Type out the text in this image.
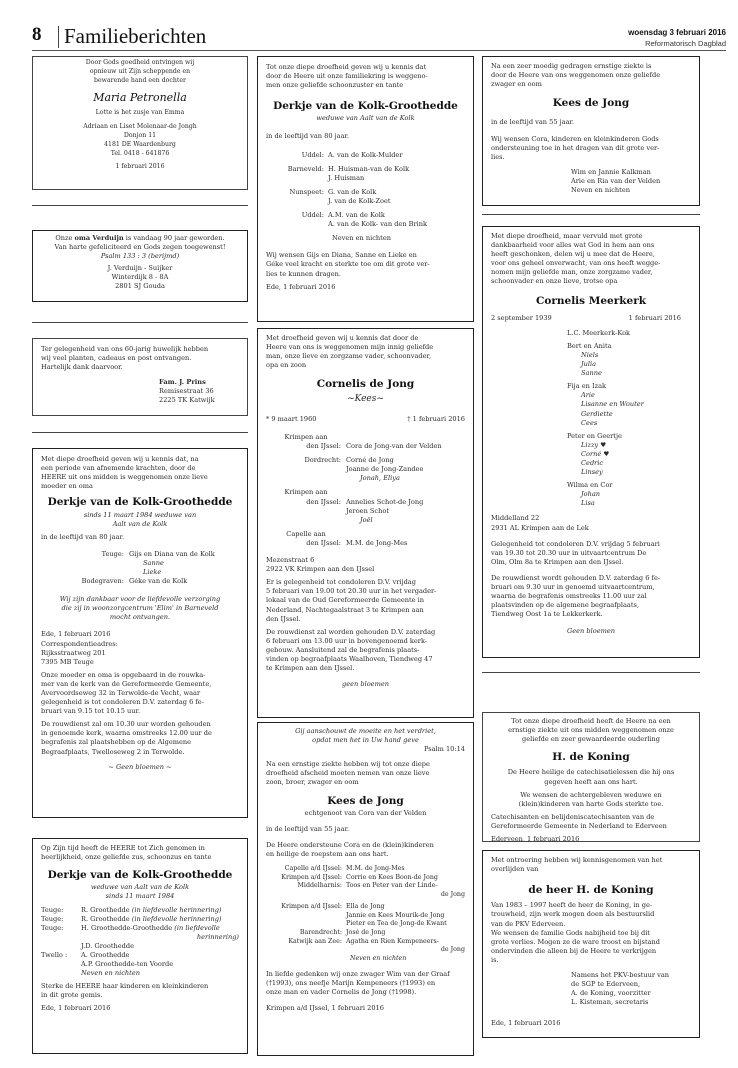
8 Familieberichten	woensdag 3 februari 2016
Reformatorisch Dagblad
Door Gods goedheid ontvingen wij
opnieuw uit Zijn scheppende en
bewarende hand een dochter
Maria Petronella
Lotte is het zusje van Emma
Adriaan en Liset Molenaar-de Jongh
Donjon 11
4181 DE Waardenburg
Tel. 0418 - 641876
1 februari 2016
Onze oma Verduijn is vandaag 90 jaar geworden.
Van harte gefeliciteerd en Gods zegen toegewenst!
Psalm 133 : 3 (berijmd)
J. Verduijn - Suijker
Winterdijk 8 - 8A
2801 SJ Gouda
Ter gelegenheid van ons 60-jarig huwelijk hebben
wij veel planten, cadeaus en post ontvangen.
Hartelijk dank daarvoor.
Fam. J. Prins
Remisestraat 36
2225 TK Katwijk
Met diepe droefheid geven wij u kennis dat, na
een periode van afnemende krachten, door de
HEERE uit ons midden is weggenomen onze lieve
moeder en oma
Derkje van de Kolk-Groothedde
sinds 11 maart 1984 weduwe van
Aalt van de Kolk
in de leeftijd van 80 jaar.
Teuge: Gijs en Diana van de Kolk
Sanne
Lieke
Bodegraven: Géke van de Kolk
Wij zijn dankbaar voor de liefdevolle verzorging
die zij in woonzorgcentrum 'Elim' in Barneveld
mocht ontvangen.
Ede, 1 februari 2016
Correspondentieadres:
Rijksstraatweg 201
7395 MB Teuge
Onze moeder en oma is opgebaard in de rouwka-
mer van de kerk van de Gereformeerde Gemeente,
Avervoordseweg 32 in Terwolde-de Vecht, waar
gelegenheid is tot condoleren D.V. zaterdag 6 fe-
bruari van 9.15 tot 10.15 uur.
De rouwdienst zal om 10.30 uur worden gehouden
in genoemde kerk, waarna omstreeks 12.00 uur de
begrafenis zal plaatshebben op de Algemene
Begraafplaats, Twelloseweg 2 in Terwolde.
~ Geen bloemen ~
Op Zijn tijd heeft de HEERE tot Zich genomen in
heerlijkheid, onze geliefde zus, schoonzus en tante
Derkje van de Kolk-Groothedde
weduwe van Aalt van de Kolk
sinds 11 maart 1984
Teuge:	R. Groothedde
(in liefdevolle herinnering)
Teuge:	R. Groothedde
(in liefdevolle herinnering)
Teuge:	H. Groothedde-Groothedde
(in liefdevolle
herinnering)
J.D. Groothedde
Twello :	A. Groothedde
A.P. Groothedde-ten Voorde
Neven en nichten
Sterke de HEERE haar kinderen en kleinkinderen
in dit grote gemis.
Ede, 1 februari 2016
Tot onze diepe droefheid geven wij u kennis dat
door de Heere uit onze familiekring is weggeno-
men onze geliefde schoonzuster en tante
Derkje van de Kolk-Groothedde
weduwe van Aalt van de Kolk
in de leeftijd van 80 jaar.
Uddel: A. van de Kolk-Mulder
Barneveld: H. Huisman-van de Kolk
J. Huisman
Nunspeet: G. van de Kolk
J. van de Kolk-Zoet
Uddel: A.M. van de Kolk
A. van de Kolk- van den Brink
Neven en nichten
Wij wensen Gijs en Diana, Sanne en Lieke en
Géke veel kracht en sterkte toe om dit grote ver-
lies te kunnen dragen.
Ede, 1 februari 2016
Met droefheid geven wij u kennis dat door de
Heere van ons is weggenomen mijn innig geliefde
man, onze lieve en zorgzame vader, schoonvader,
opa en zoon
Cornelis de Jong
~Kees~
* 9 maart 1960	† 1 februari 2016
Krimpen aan
den IJssel: Cora de Jong-van der Velden
Dordrecht: Corné de Jong
Joanne de Jong-Zandee
Jonah, Eliya
Krimpen aan
den IJssel: Annelies Schot-de Jong
Jeroen Schot
Joël
Capelle aan
den IJssel: M.M. de Jong-Mes
Mezenstraat 6
2922 VK Krimpen aan den IJssel
Er is gelegenheid tot condoleren D.V. vrijdag
5 februari van 19.00 tot 20.30 uur in het vergader-
lokaal van de Oud Gereformeerde Gemeente in
Nederland, Nachtegaalstraat 3 te Krimpen aan
den IJssel.
De rouwdienst zal worden gehouden D.V. zaterdag
6 februari om 13.00 uur in bovengenoemd kerk-
gebouw. Aansluitend zal de begrafenis plaats-
vinden op begraafplaats Waalhoven, Tiendweg 47
te Krimpen aan den IJssel.
geen bloemen
Gij aanschouwt de moeite en het verdriet,
opdat men het in Uw hand geve
Psalm 10:14
Na een ernstige ziekte hebben wij tot onze diepe
droefheid afscheid moeten nemen van onze lieve
zoon, broer, zwager en oom
Kees de Jong
echtgenoot van Cora van der Velden
in de leeftijd van 55 jaar.
De Heere ondersteune Cora en de (klein)kinderen
en heilige de roepstem aan ons hart.
Capelle a/d IJssel: M.M. de Jong-Mes
Krimpen a/d IJssel: Corrie en Kees Boon-de Jong
Middelharnis: Toos en Peter van der Linde-
de Jong
Krimpen a/d IJssel: Ella de Jong
Jannie en Kees Mourik-de Jong
Pieter en Tea de Jong-de Kwant
Barendrecht: José de Jong
Katwijk aan Zee: Agatha en Rien Kempeneers-
de Jong
Neven en nichten
In liefde gedenken wij onze zwager Wim van der Graaf
(†1993), ons neefje Marijn Kempeneers (†1993) en
onze man en vader Cornelis de Jong (†1998).
Krimpen a/d IJssel, 1 februari 2016
Na een zeer moedig gedragen ernstige ziekte is
door de Heere van ons weggenomen onze geliefde
zwager en oom
Kees de Jong
in de leeftijd van 55 jaar.
Wij wensen Cora, kinderen en kleinkinderen Gods
ondersteuning toe in het dragen van dit grote ver-
lies.
Wim en Jannie Kalkman
Arie en Ria van der Velden
Neven en nichten
Met diepe droefheid, maar vervuld met grote
dankbaarheid voor alles wat God in hem aan ons
heeft geschonken, delen wij u mee dat de Heere,
voor ons geheel onverwacht, van ons heeft wegge-
nomen mijn geliefde man, onze zorgzame vader,
schoonvader en onze lieve, trotse opa
Cornelis Meerkerk
2 september 1939	1 februari 2016
L.C. Meerkerk-Kok
Bert en Anita
Niels
Julia
Sanne
Fija en Izak
Arie
Lisanne en Wouter
Gerdiette
Cees
Peter en Geertje
Lizzy ♥
Corné ♥
Cedric
Linsey
Wilma en Cor
Johan
Lisa
Middelland 22
2931 AL Krimpen aan de Lek
Gelegenheid tot condoleren D.V. vrijdag 5 februari
van 19.30 tot 20.30 uur in uitvaartcentrum De
Olm, Olm 8a te Krimpen aan den IJssel.
De rouwdienst wordt gehouden D.V. zaterdag 6 fe-
bruari om 9.30 uur in genoemd uitvaartcentrum,
waarna de begrafenis omstreeks 11.00 uur zal
plaatsvinden op de algemene begraafplaats,
Tiendweg Oost 1a te Lekkerkerk.
Geen bloemen
Tot onze diepe droefheid heeft de Heere na een
ernstige ziekte uit ons midden weggenomen onze
geliefde en zeer gewaardeerde ouderling
H. de Koning
De Heere heilige de catechisatielessen die hij ons
gegeven heeft aan ons hart.
We wensen de achtergebleven weduwe en
(klein)kinderen van harte Gods sterkte toe.
Catechisanten en belijdeniscatechisanten van de
Gereformeerde Gemeente in Nederland te Ederveen
Ederveen, 1 februari 2016
Met ontroering hebben wij kennisgenomen van het
overlijden van
de heer H. de Koning
Van 1983 – 1997 heeft de heer de Koning, in ge-
trouwheid, zijn werk mogen doen als bestuurslid
van de PKV Ederveen.
We wensen de familie Gods nabijheid toe bij dit
grote verlies. Mogen ze de ware troost en bijstand
ondervinden die alleen bij de Heere te verkrijgen
is.
Namens het PKV-bestuur van
de SGP te Ederveen,
A. de Koning, voorzitter
L. Kisteman, secretaris
Ede, 1 februari 2016
